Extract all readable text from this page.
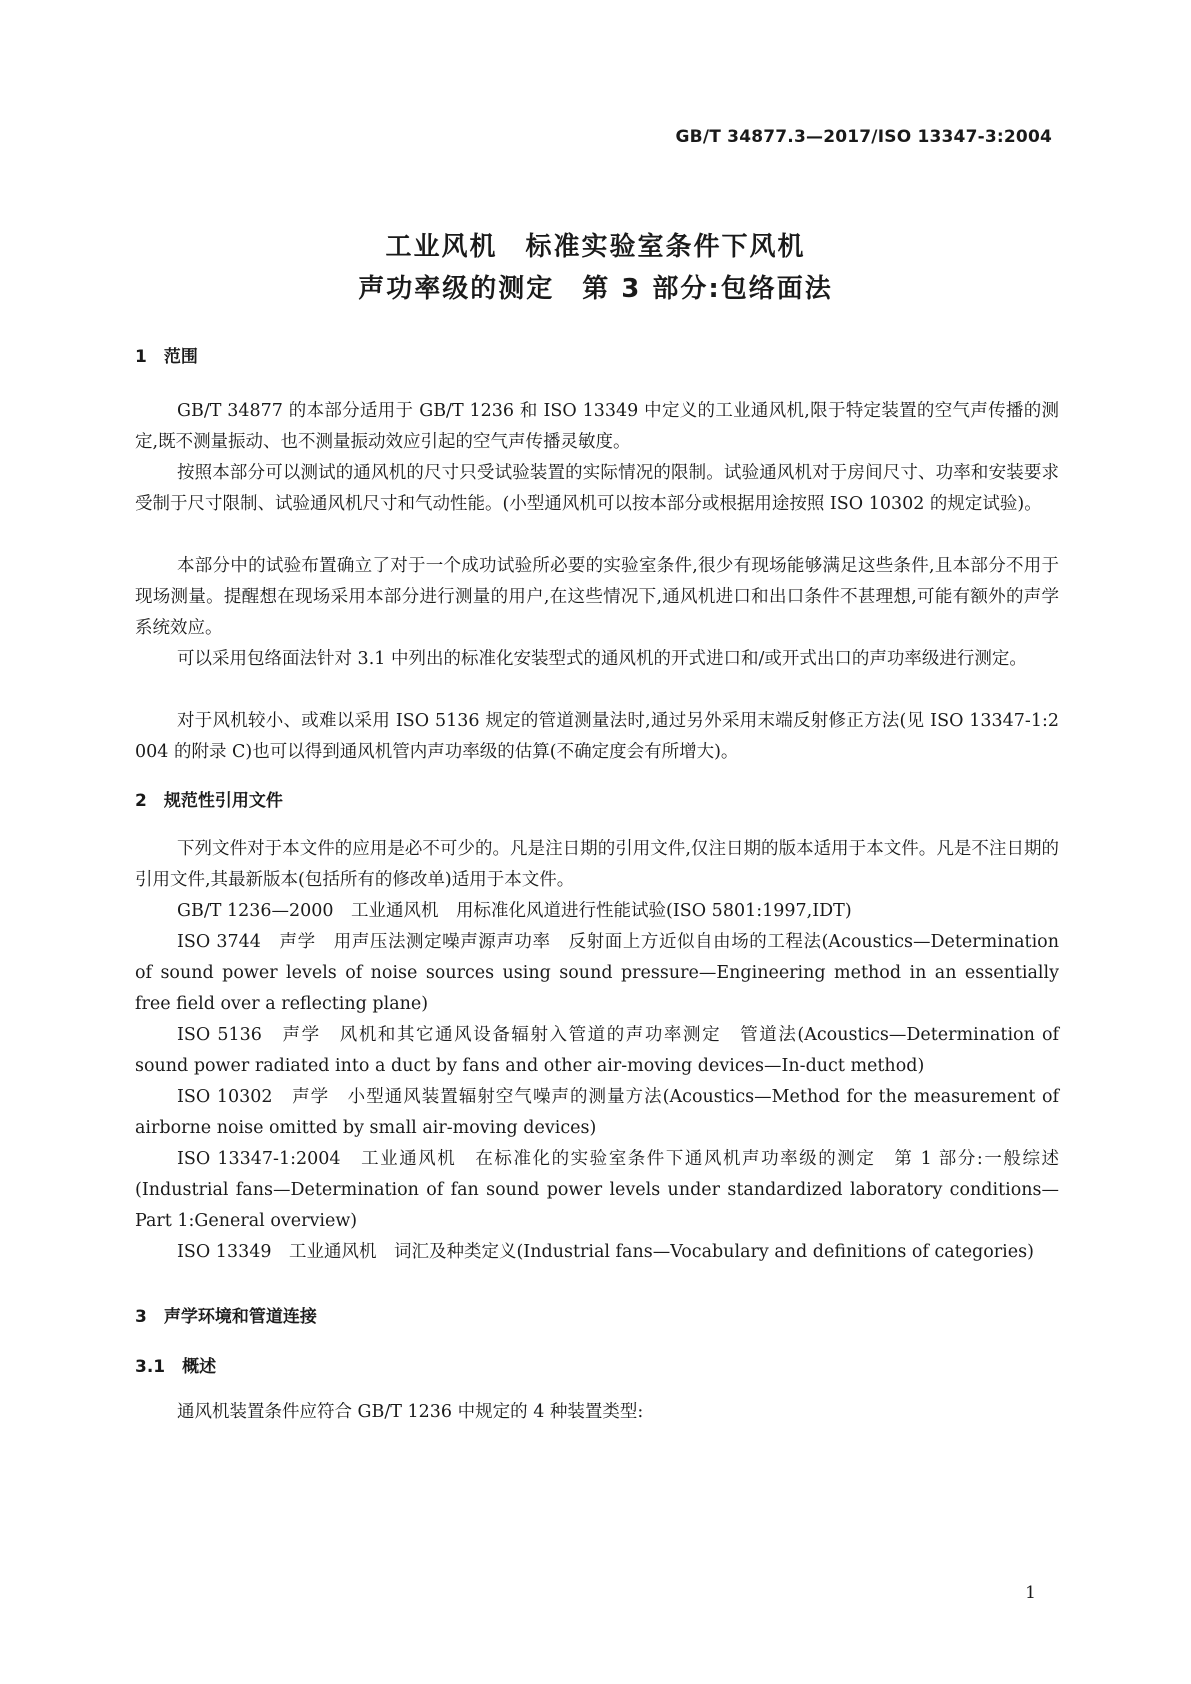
GB/T 34877.3—2017/ISO 13347-3:2004
工业风机　标准实验室条件下风机
声功率级的测定　第 3 部分:包络面法
1　范围
GB/T 34877 的本部分适用于 GB/T 1236 和 ISO 13349 中定义的工业通风机,限于特定装置的空气声传播的测定,既不测量振动、也不测量振动效应引起的空气声传播灵敏度。
按照本部分可以测试的通风机的尺寸只受试验装置的实际情况的限制。试验通风机对于房间尺寸、功率和安装要求受制于尺寸限制、试验通风机尺寸和气动性能。(小型通风机可以按本部分或根据用途按照 ISO 10302 的规定试验)。
本部分中的试验布置确立了对于一个成功试验所必要的实验室条件,很少有现场能够满足这些条件,且本部分不用于现场测量。提醒想在现场采用本部分进行测量的用户,在这些情况下,通风机进口和出口条件不甚理想,可能有额外的声学系统效应。
可以采用包络面法针对 3.1 中列出的标准化安装型式的通风机的开式进口和/或开式出口的声功率级进行测定。
对于风机较小、或难以采用 ISO 5136 规定的管道测量法时,通过另外采用末端反射修正方法(见 ISO 13347-1:2004 的附录 C)也可以得到通风机管内声功率级的估算(不确定度会有所增大)。
2　规范性引用文件
下列文件对于本文件的应用是必不可少的。凡是注日期的引用文件,仅注日期的版本适用于本文件。凡是不注日期的引用文件,其最新版本(包括所有的修改单)适用于本文件。
GB/T 1236—2000　工业通风机　用标准化风道进行性能试验(ISO 5801:1997,IDT)
ISO 3744　声学　用声压法测定噪声源声功率　反射面上方近似自由场的工程法(Acoustics—Determination of sound power levels of noise sources using sound pressure—Engineering method in an essentially free field over a reflecting plane)
ISO 5136　声学　风机和其它通风设备辐射入管道的声功率测定　管道法(Acoustics—Determination of sound power radiated into a duct by fans and other air-moving devices—In-duct method)
ISO 10302　声学　小型通风装置辐射空气噪声的测量方法(Acoustics—Method for the measurement of airborne noise omitted by small air-moving devices)
ISO 13347-1:2004　工业通风机　在标准化的实验室条件下通风机声功率级的测定　第 1 部分:一般综述(Industrial fans—Determination of fan sound power levels under standardized laboratory conditions—Part 1:General overview)
ISO 13349　工业通风机　词汇及种类定义(Industrial fans—Vocabulary and definitions of categories)
3　声学环境和管道连接
3.1　概述
通风机装置条件应符合 GB/T 1236 中规定的 4 种装置类型:
1
